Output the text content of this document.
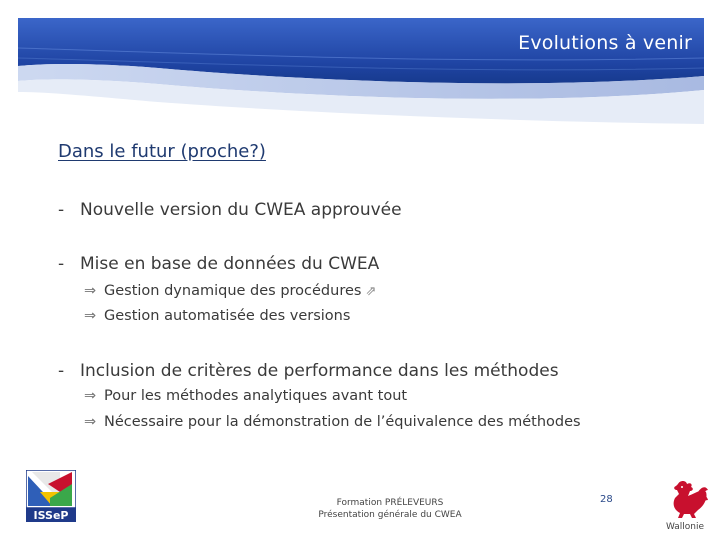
Evolutions à venir
Dans le futur (proche?)
- Nouvelle version du CWEA approuvée
- Mise en base de données du CWEA
⇒ Gestion dynamique des procédures ⇗
⇒ Gestion automatisée des versions
- Inclusion de critères de performance dans les méthodes
⇒ Pour les méthodes analytiques avant tout
⇒ Nécessaire pour la démonstration de l’équivalence des méthodes
ISSeP
Formation PRÉLEVEURS
Présentation générale du CWEA
28
Wallonie
